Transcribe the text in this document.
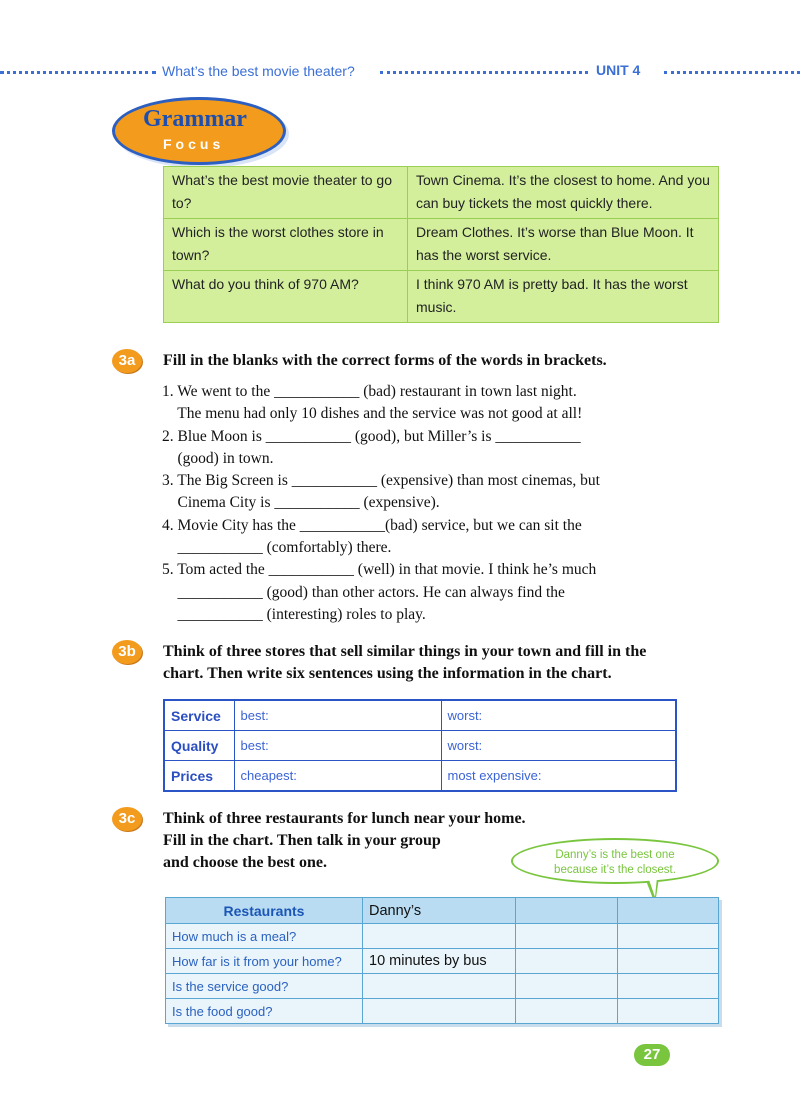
What’s the best movie theater?	UNIT 4
Grammar
Focus
What’s the best movie theater to go to?	Town Cinema. It’s the closest to home. And you can buy tickets the most quickly there.
Which is the worst clothes store in town?	Dream Clothes. It’s worse than Blue Moon. It has the worst service.
What do you think of 970 AM?	I think 970 AM is pretty bad. It has the worst music.
3a	Fill in the blanks with the correct forms of the words in brackets.
1. We went to the ___________ (bad) restaurant in town last night.
The menu had only 10 dishes and the service was not good at all!
2. Blue Moon is ___________ (good), but Miller’s is ___________
(good) in town.
3. The Big Screen is ___________ (expensive) than most cinemas, but
Cinema City is ___________ (expensive).
4. Movie City has the ___________(bad) service, but we can sit the
___________ (comfortably) there.
5. Tom acted the ___________ (well) in that movie. I think he’s much
___________ (good) than other actors. He can always find the
___________ (interesting) roles to play.
3b	Think of three stores that sell similar things in your town and fill in the
chart. Then write six sentences using the information in the chart.
Service	best:	worst:
Quality	best:	worst:
Prices	cheapest:	most expensive:
3c	Think of three restaurants for lunch near your home.
Fill in the chart. Then talk in your group
and choose the best one.	Danny’s is the best one
because it’s the closest.
Restaurants	Danny’s		
How much is a meal?			
How far is it from your home?	10 minutes by bus		
Is the service good?			
Is the food good?			
27
